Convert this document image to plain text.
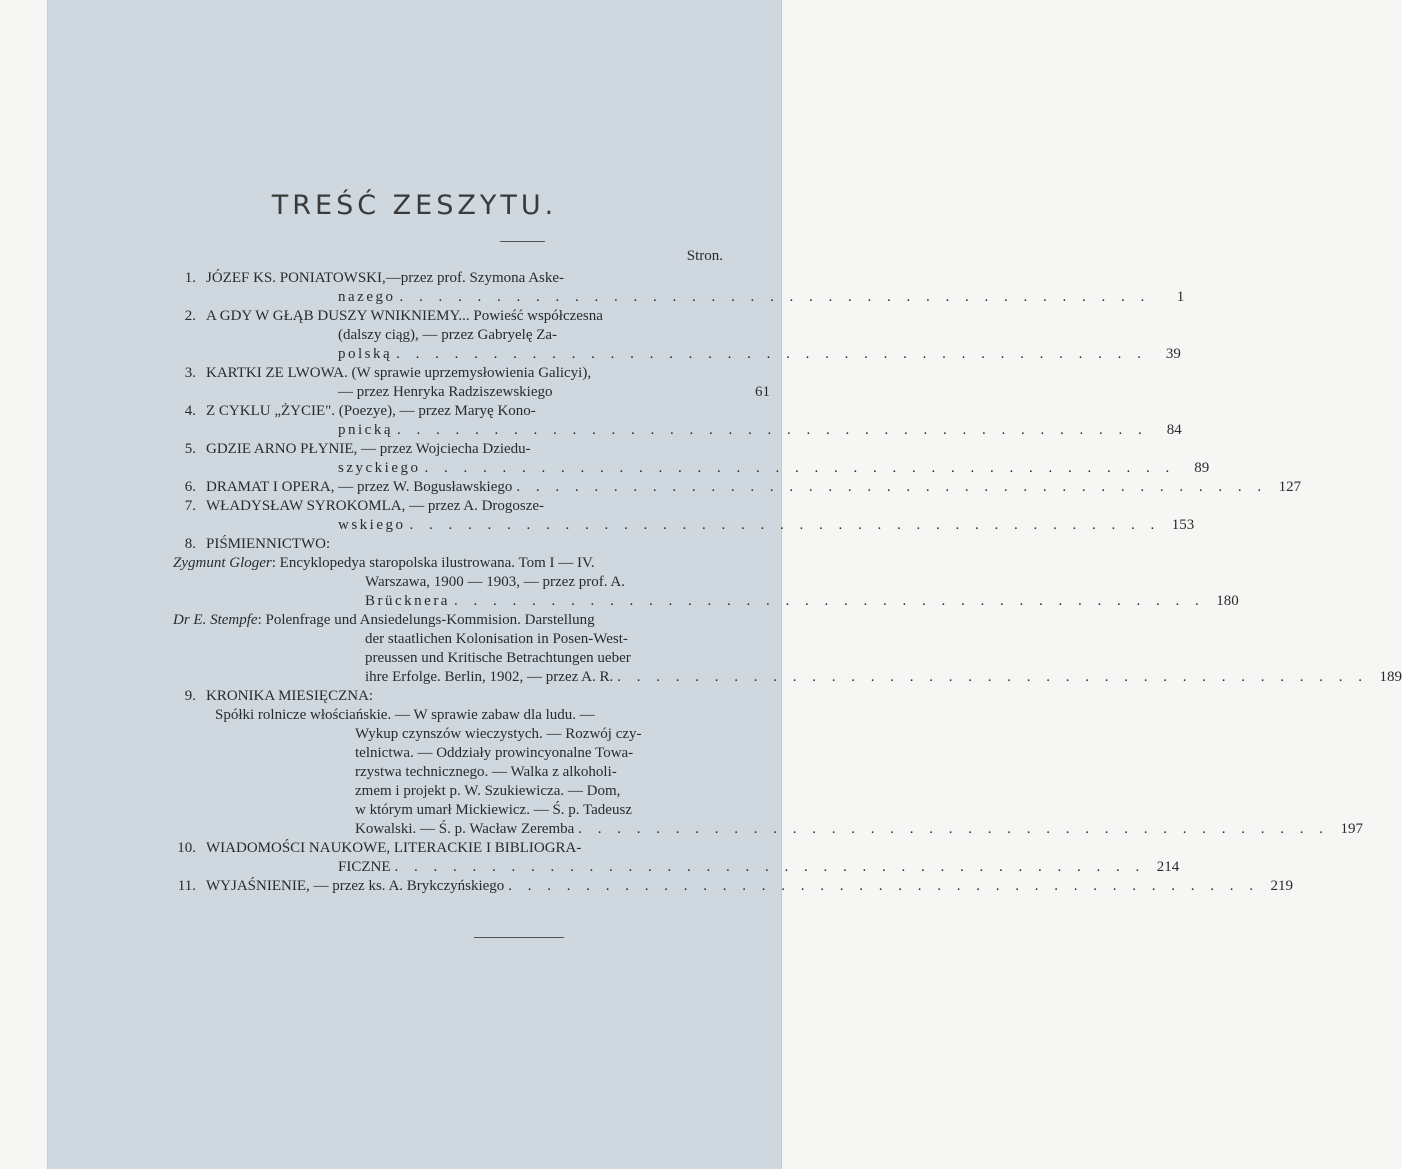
TREŚĆ ZESZYTU.
Stron.
1. JÓZEF KS. PONIATOWSKI,—przez prof. Szymona Aske-
nazego . . . . . . . . . . . . . . . . . . . . . . . . . . . . . . . . . . . . . . .	1
2. A GDY W GŁĄB DUSZY WNIKNIEMY... Powieść współczesna
(dalszy ciąg), — przez Gabryelę Za-
polską . . . . . . . . . . . . . . . . . . . . . . . . . . . . . . . . . . . . . . .	39
3. KARTKI ZE LWOWA. (W sprawie uprzemysłowienia Galicyi),
— przez Henryka Radziszewskiego	61
4. Z CYKLU „ŻYCIE". (Poezye), — przez Maryę Kono-
pnicką . . . . . . . . . . . . . . . . . . . . . . . . . . . . . . . . . . . . . . .	84
5. GDZIE ARNO PŁYNIE, — przez Wojciecha Dziedu-
szyckiego . . . . . . . . . . . . . . . . . . . . . . . . . . . . . . . . . . . . . . .	89
6. DRAMAT I OPERA, — przez W. Bogusławskiego . . . . . . . . . . . . . . . . . . . . . . . . . . . . . . . . . . . . . . . 127
7. WŁADYSŁAW SYROKOMLA, — przez A. Drogosze-
wskiego . . . . . . . . . . . . . . . . . . . . . . . . . . . . . . . . . . . . . . . 153
8. PIŚMIENNICTWO:
Zygmunt Gloger : Encyklopedya staropolska ilustrowana. Tom I — IV.
Warszawa, 1900 — 1903, — przez prof. A.
Brücknera . . . . . . . . . . . . . . . . . . . . . . . . . . . . . . . . . . . . . . . 180
Dr E. Stempfe : Polenfrage und Ansiedelungs-Kommision. Darstellung
der staatlichen Kolonisation in Posen-West-
preussen und Kritische Betrachtungen ueber
ihre Erfolge. Berlin, 1902, — przez A. R. . . . . . . . . . . . . . . . . . . . . . . . . . . . . . . . . . . . . . . . 189
9. KRONIKA MIESIĘCZNA:
Spółki rolnicze włościańskie. — W sprawie zabaw dla ludu. —
Wykup czynszów wieczystych. — Rozwój czy-
telnictwa. — Oddziały prowincyonalne Towa-
rzystwa technicznego. — Walka z alkoholi-
zmem i projekt p. W. Szukiewicza. — Dom,
w którym umarł Mickiewicz. — Ś. p. Tadeusz
Kowalski. — Ś. p. Wacław Zeremba . . . . . . . . . . . . . . . . . . . . . . . . . . . . . . . . . . . . . . . 197
10. WIADOMOŚCI NAUKOWE, LITERACKIE I BIBLIOGRA-
FICZNE . . . . . . . . . . . . . . . . . . . . . . . . . . . . . . . . . . . . . . . 214
11. WYJAŚNIENIE, — przez ks. A. Brykczyńskiego . . . . . . . . . . . . . . . . . . . . . . . . . . . . . . . . . . . . . . . 219
